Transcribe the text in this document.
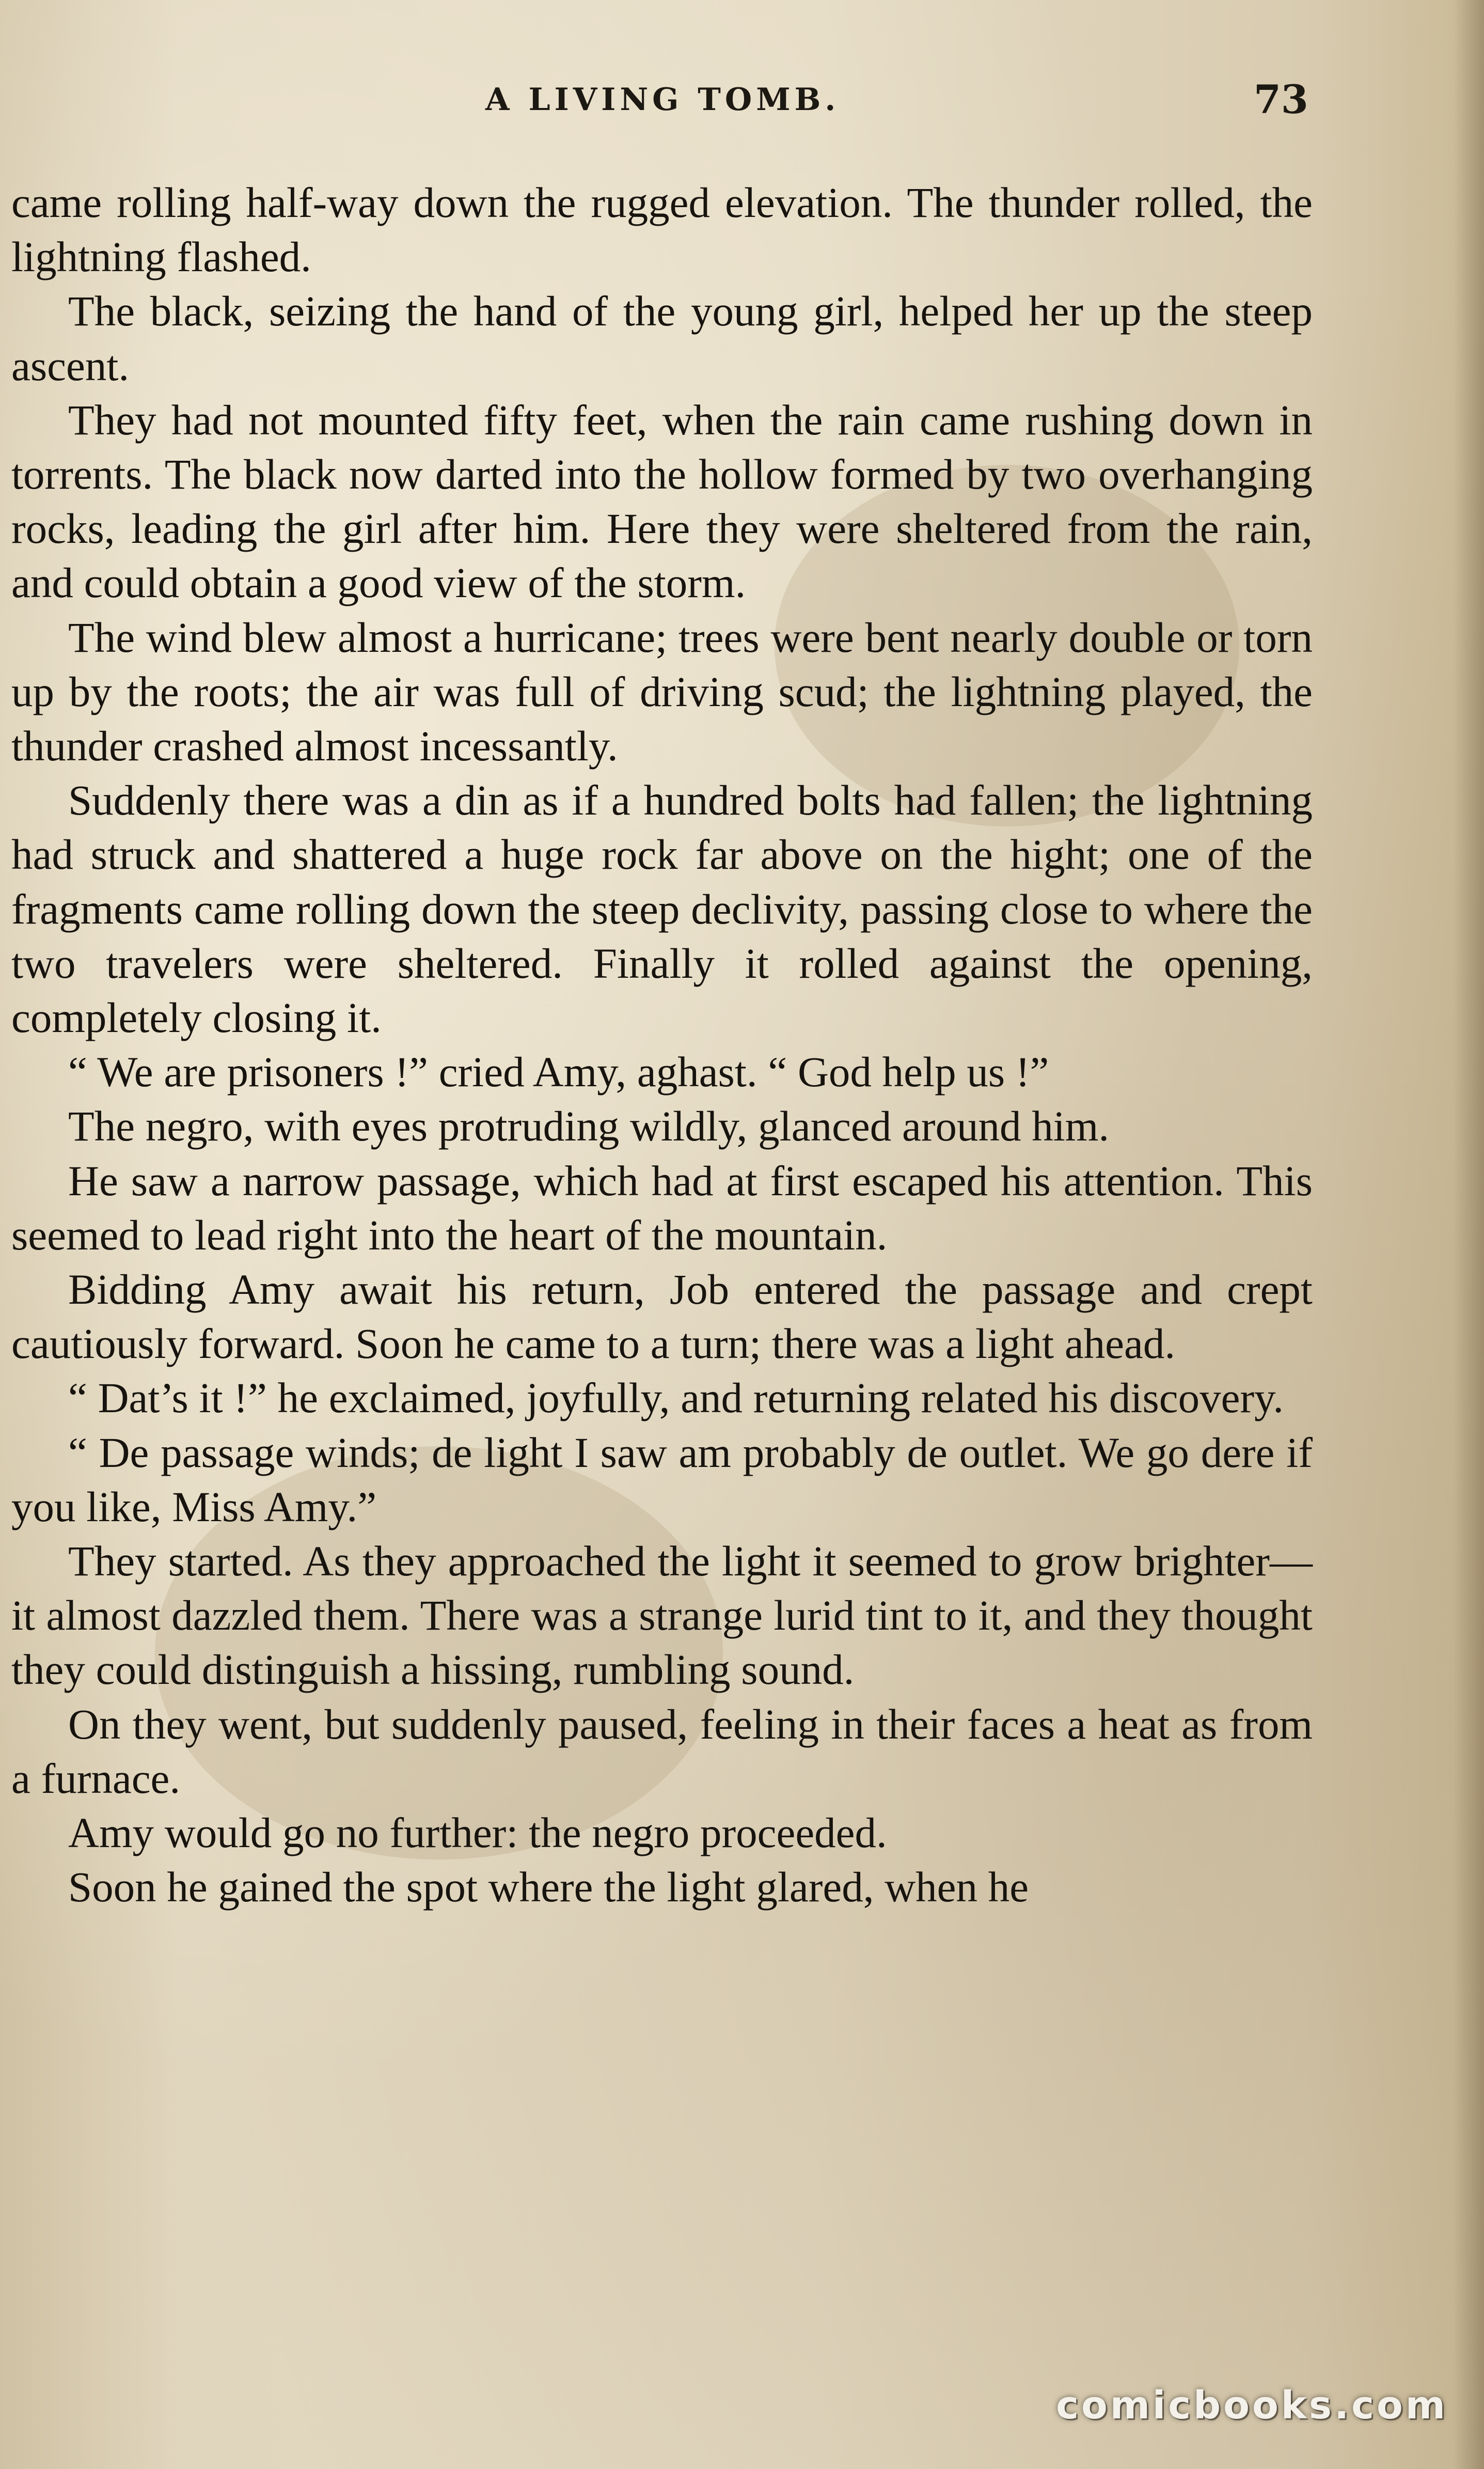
A LIVING TOMB.	73

came rolling half-way down the rugged elevation. The thunder rolled, the lightning flashed.

The black, seizing the hand of the young girl, helped her up the steep ascent.

They had not mounted fifty feet, when the rain came rushing down in torrents. The black now darted into the hollow formed by two overhanging rocks, leading the girl after him. Here they were sheltered from the rain, and could obtain a good view of the storm.

The wind blew almost a hurricane; trees were bent nearly double or torn up by the roots; the air was full of driving scud; the lightning played, the thunder crashed almost incessantly.

Suddenly there was a din as if a hundred bolts had fallen; the lightning had struck and shattered a huge rock far above on the hight; one of the fragments came rolling down the steep declivity, passing close to where the two travelers were sheltered. Finally it rolled against the opening, completely closing it.

“ We are prisoners !” cried Amy, aghast. “ God help us !”

The negro, with eyes protruding wildly, glanced around him.

He saw a narrow passage, which had at first escaped his attention. This seemed to lead right into the heart of the mountain.

Bidding Amy await his return, Job entered the passage and crept cautiously forward. Soon he came to a turn; there was a light ahead.

“ Dat’s it !” he exclaimed, joyfully, and returning related his discovery.

“ De passage winds; de light I saw am probably de outlet. We go dere if you like, Miss Amy.”

They started. As they approached the light it seemed to grow brighter—it almost dazzled them. There was a strange lurid tint to it, and they thought they could distinguish a hissing, rumbling sound.

On they went, but suddenly paused, feeling in their faces a heat as from a furnace.

Amy would go no further: the negro proceeded.

Soon he gained the spot where the light glared, when he

comicbooks.com
